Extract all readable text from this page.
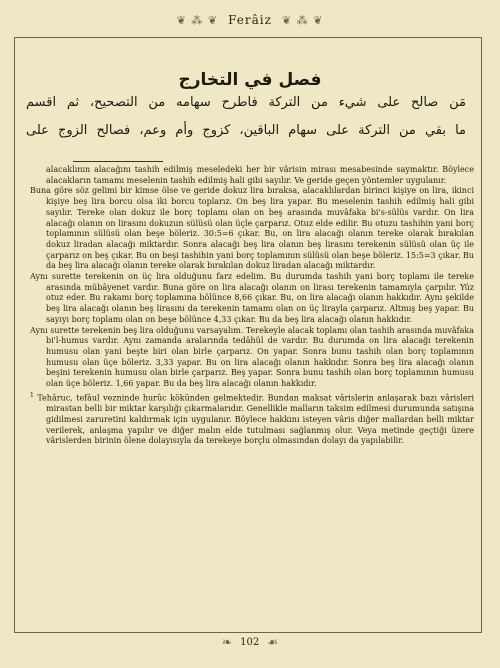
❦ ⁂ ❦ Ferâiz ❦ ⁂ ❦
فصل في التخارج
مَن صالح على شيء من التركة فاطرح سهامه من التصحيح، ثم اقسم
ما بقي من التركة على سهام الباقين، كزوج وأم وعم، فصالح الزوج على

alacaklının alacağını tashih edilmiş meseledeki her bir vârisin mirası mesabesinde saymaktır. Böylece alacakların tamamı meselenin tashih edilmiş hali gibi sayılır. Ve geride geçen yöntemler uygulanır.

Buna göre söz gelimi bir kimse ölse ve geride dokuz lira bıraksa, alacaklılardan birinci kişiye on lira, ikinci kişiye beş lira borcu olsa iki borcu toplarız. On beş lira yapar. Bu meselenin tashih edilmiş hali gibi sayılır. Tereke olan dokuz ile borç toplamı olan on beş arasında muvâfaka bi's-sülüs vardır. On lira alacağı olanın on lirasını dokuzun sülüsü olan üçle çarparız. Otuz elde edilir. Bu otuzu tashihin yani borç toplamının sülüsü olan beşe böleriz. 30:5=6 çıkar. Bu, on lira alacağı olanın tereke olarak bırakılan dokuz liradan alacağı miktardır. Sonra alacağı beş lira olanın beş lirasını terekenin sülüsü olan üç ile çarparız on beş çıkar. Bu on beşi tashihin yani borç toplamının sülüsü olan beşe böleriz. 15:5=3 çıkar. Bu da beş lira alacağı olanın tereke olarak bırakılan dokuz liradan alacağı miktardır.

Aynı surette terekenin on üç lira olduğunu farz edelim. Bu durumda tashih yani borç toplamı ile tereke arasında mübâyenet vardır. Buna göre on lira alacağı olanın on lirası terekenin tamamıyla çarpılır. Yüz otuz eder. Bu rakamı borç toplamına bölünce 8,66 çıkar. Bu, on lira alacağı olanın hakkıdır. Aynı şekilde beş lira alacağı olanın beş lirasını da terekenin tamamı olan on üç liraylа çarparız. Altmış beş yapar. Bu sayıyı borç toplamı olan on beşe bölünce 4,33 çıkar. Bu da beş lira alacağı olanın hakkıdır.

Aynı surette terekenin beş lira olduğunu varsayalım. Terekeyle alacak toplamı olan tashih arasında muvâfaka bi'l-humus vardır. Aynı zamanda aralarında tedâhül de vardır. Bu durumda on lira alacağı terekenin humusu olan yani beşte biri olan birle çarparız. On yapar. Sonra bunu tashih olan borç toplamının humusu olan üçe böleriz. 3,33 yapar. Bu on lira alacağı olanın hakkıdır. Sonra beş lira alacağı olanın beşini terekenin humusu olan birle çarparız. Beş yapar. Sonra bunu tashih olan borç toplamının humusu olan üçe böleriz. 1,66 yapar. Bu da beş lira alacağı olanın hakkıdır.

$^1$ Tehâruc, tefâul vezninde hurûc kökünden gelmektedir. Bundan maksat vârislerin anlaşarak bazı vârisleri mirastan belli bir miktar karşılığı çıkarmalarıdır. Genellikle malların taksim edilmesi durumunda satışına gidilmesi zaruretini kaldırmak için uygulanır. Böylece hakkını isteyen vâris diğer mallardan belli miktar verilerek, anlaşma yapılır ve diğer malın elde tutulması sağlanmış olur. Veya metinde geçtiği üzere vârislerden birinin ölene dolayısıyla da terekeye borçlu olmasından dolayı da yapılabilir.

❧ 102 ☙
